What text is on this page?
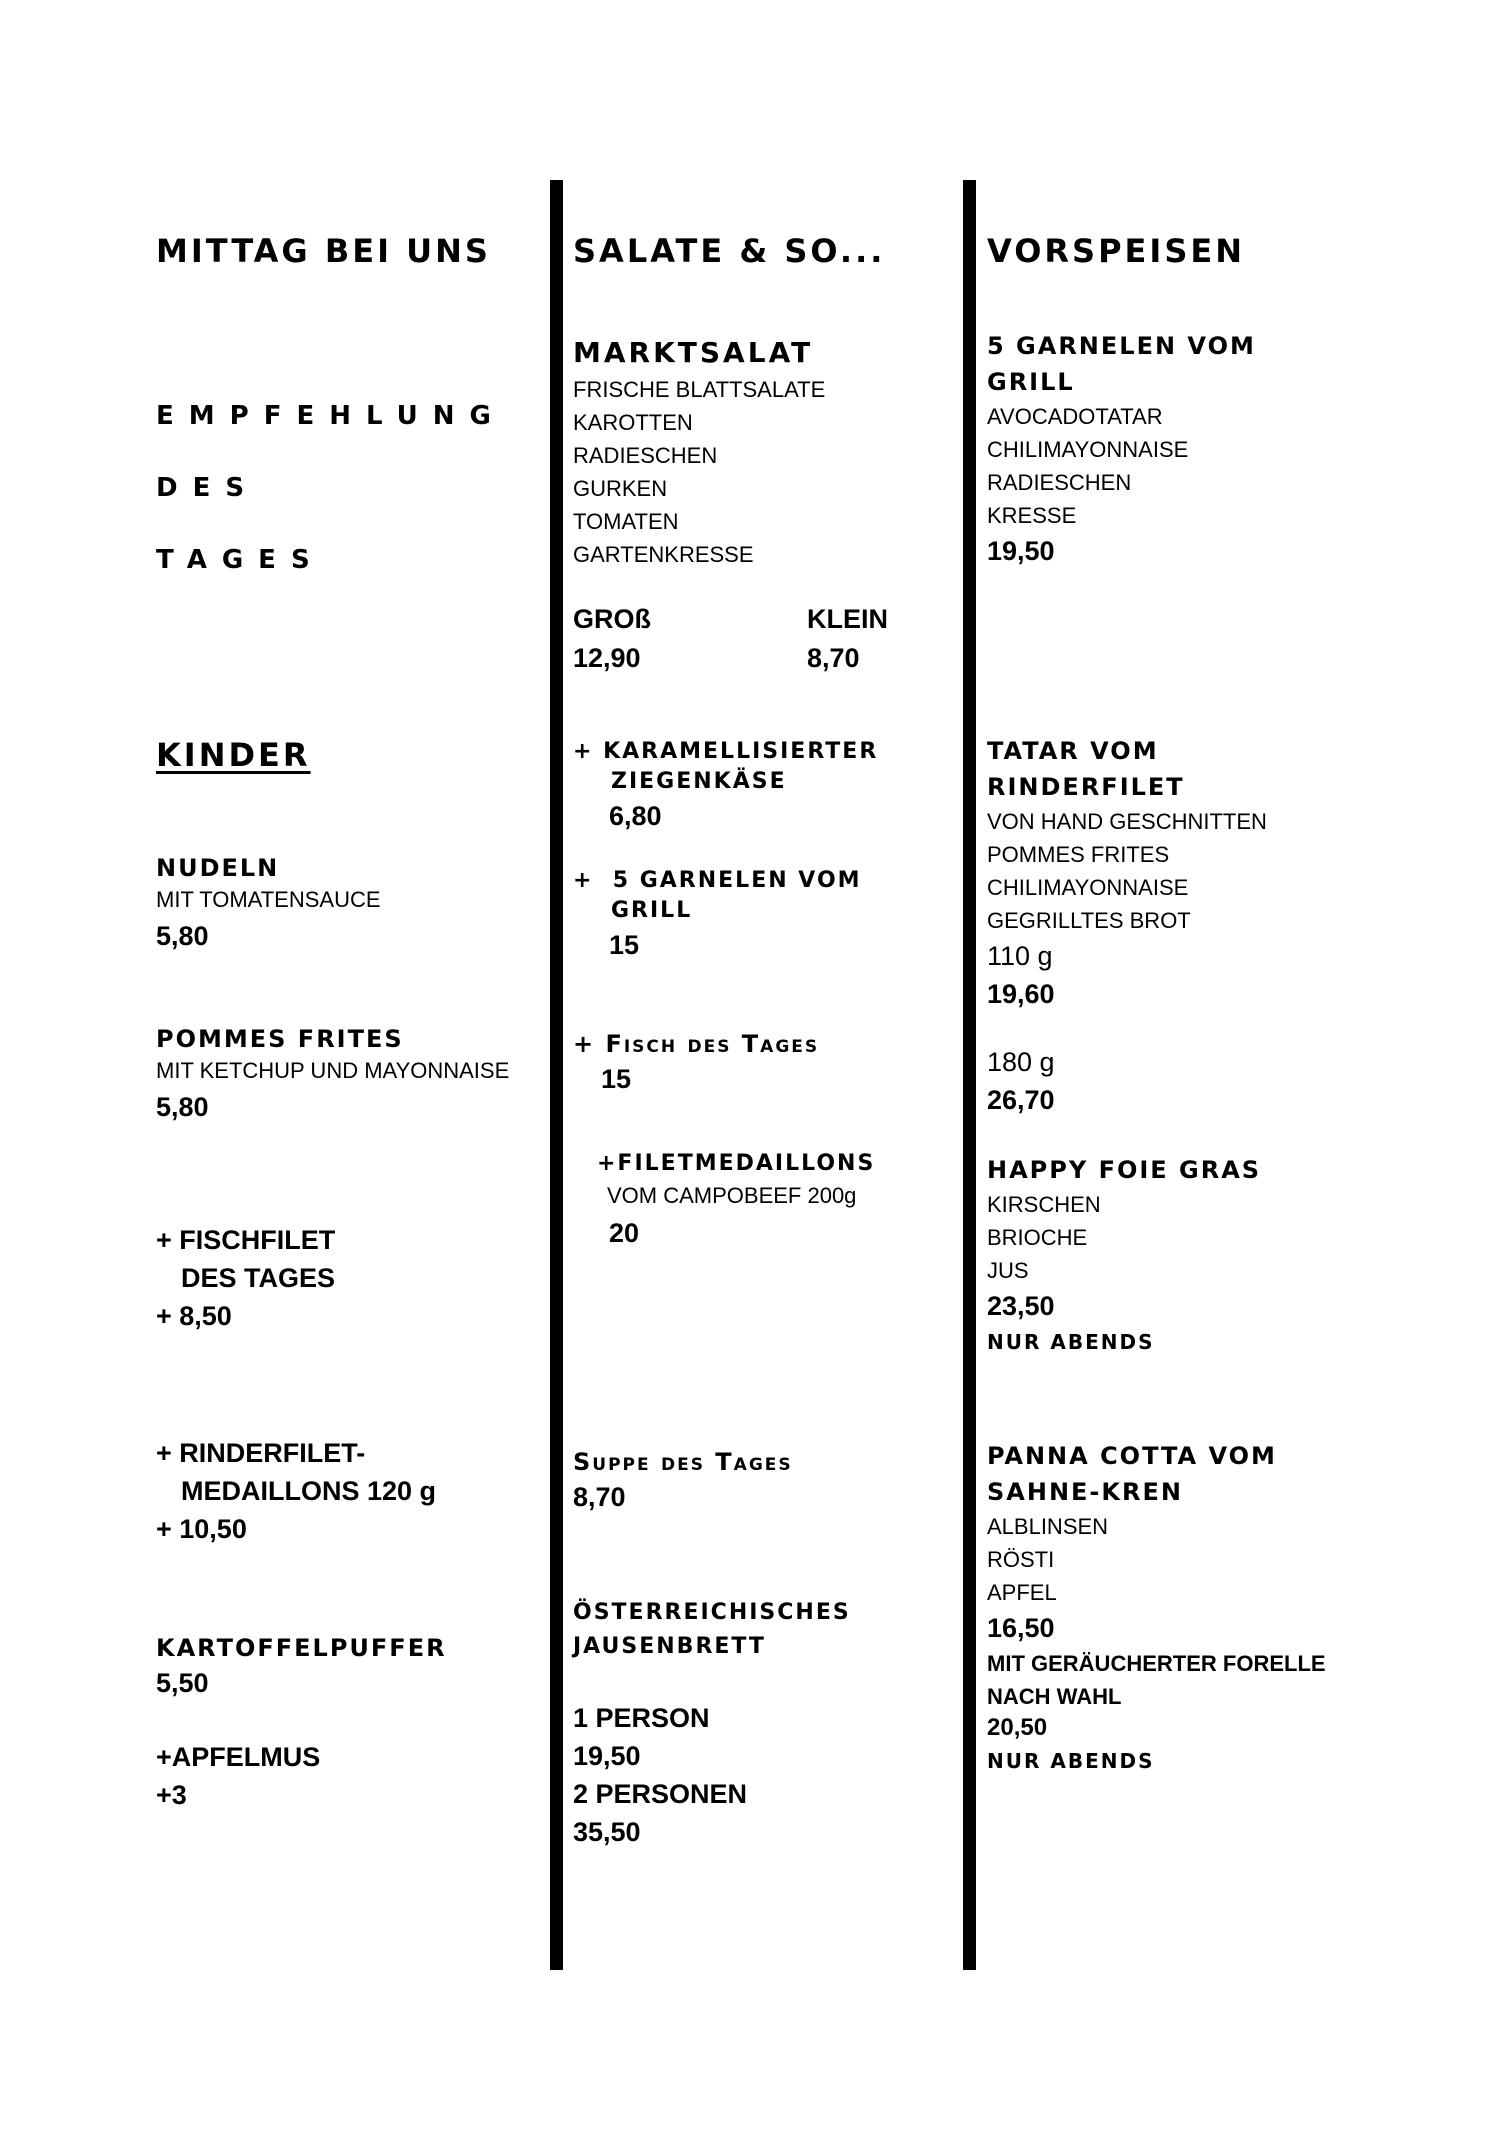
MITTAG BEI UNS
EMPFEHLUNG
DES
TAGES
KINDER
NUDELN
MIT TOMATENSAUCE
5,80
POMMES FRITES
MIT KETCHUP UND MAYONNAISE
5,80
+ FISCHFILET
DES TAGES
+ 8,50
+ RINDERFILET-
MEDAILLONS 120 g
+ 10,50
KARTOFFELPUFFER
5,50
+APFELMUS
+3
SALATE & SO...
MARKTSALAT
FRISCHE BLATTSALATE
KAROTTEN
RADIESCHEN
GURKEN
TOMATEN
GARTENKRESSE
GROß
12,90
KLEIN
8,70
+ KARAMELLISIERTER
ZIEGENKÄSE
6,80
+  5 GARNELEN VOM
GRILL
15
+ Fisch des Tages
15
+FILETMEDAILLONS
VOM CAMPOBEEF 200g
20
Suppe des Tages
8,70
ÖSTERREICHISCHES
JAUSENBRETT
1 PERSON
19,50
2 PERSONEN
35,50
VORSPEISEN
5 GARNELEN VOM
GRILL
AVOCADOTATAR
CHILIMAYONNAISE
RADIESCHEN
KRESSE
19,50
TATAR VOM
RINDERFILET
VON HAND GESCHNITTEN
POMMES FRITES
CHILIMAYONNAISE
GEGRILLTES BROT
110 g
19,60
180 g
26,70
HAPPY FOIE GRAS
KIRSCHEN
BRIOCHE
JUS
23,50
NUR ABENDS
PANNA COTTA VOM
SAHNE-KREN
ALBLINSEN
RÖSTI
APFEL
16,50
MIT GERÄUCHERTER FORELLE
NACH WAHL
20,50
NUR ABENDS
